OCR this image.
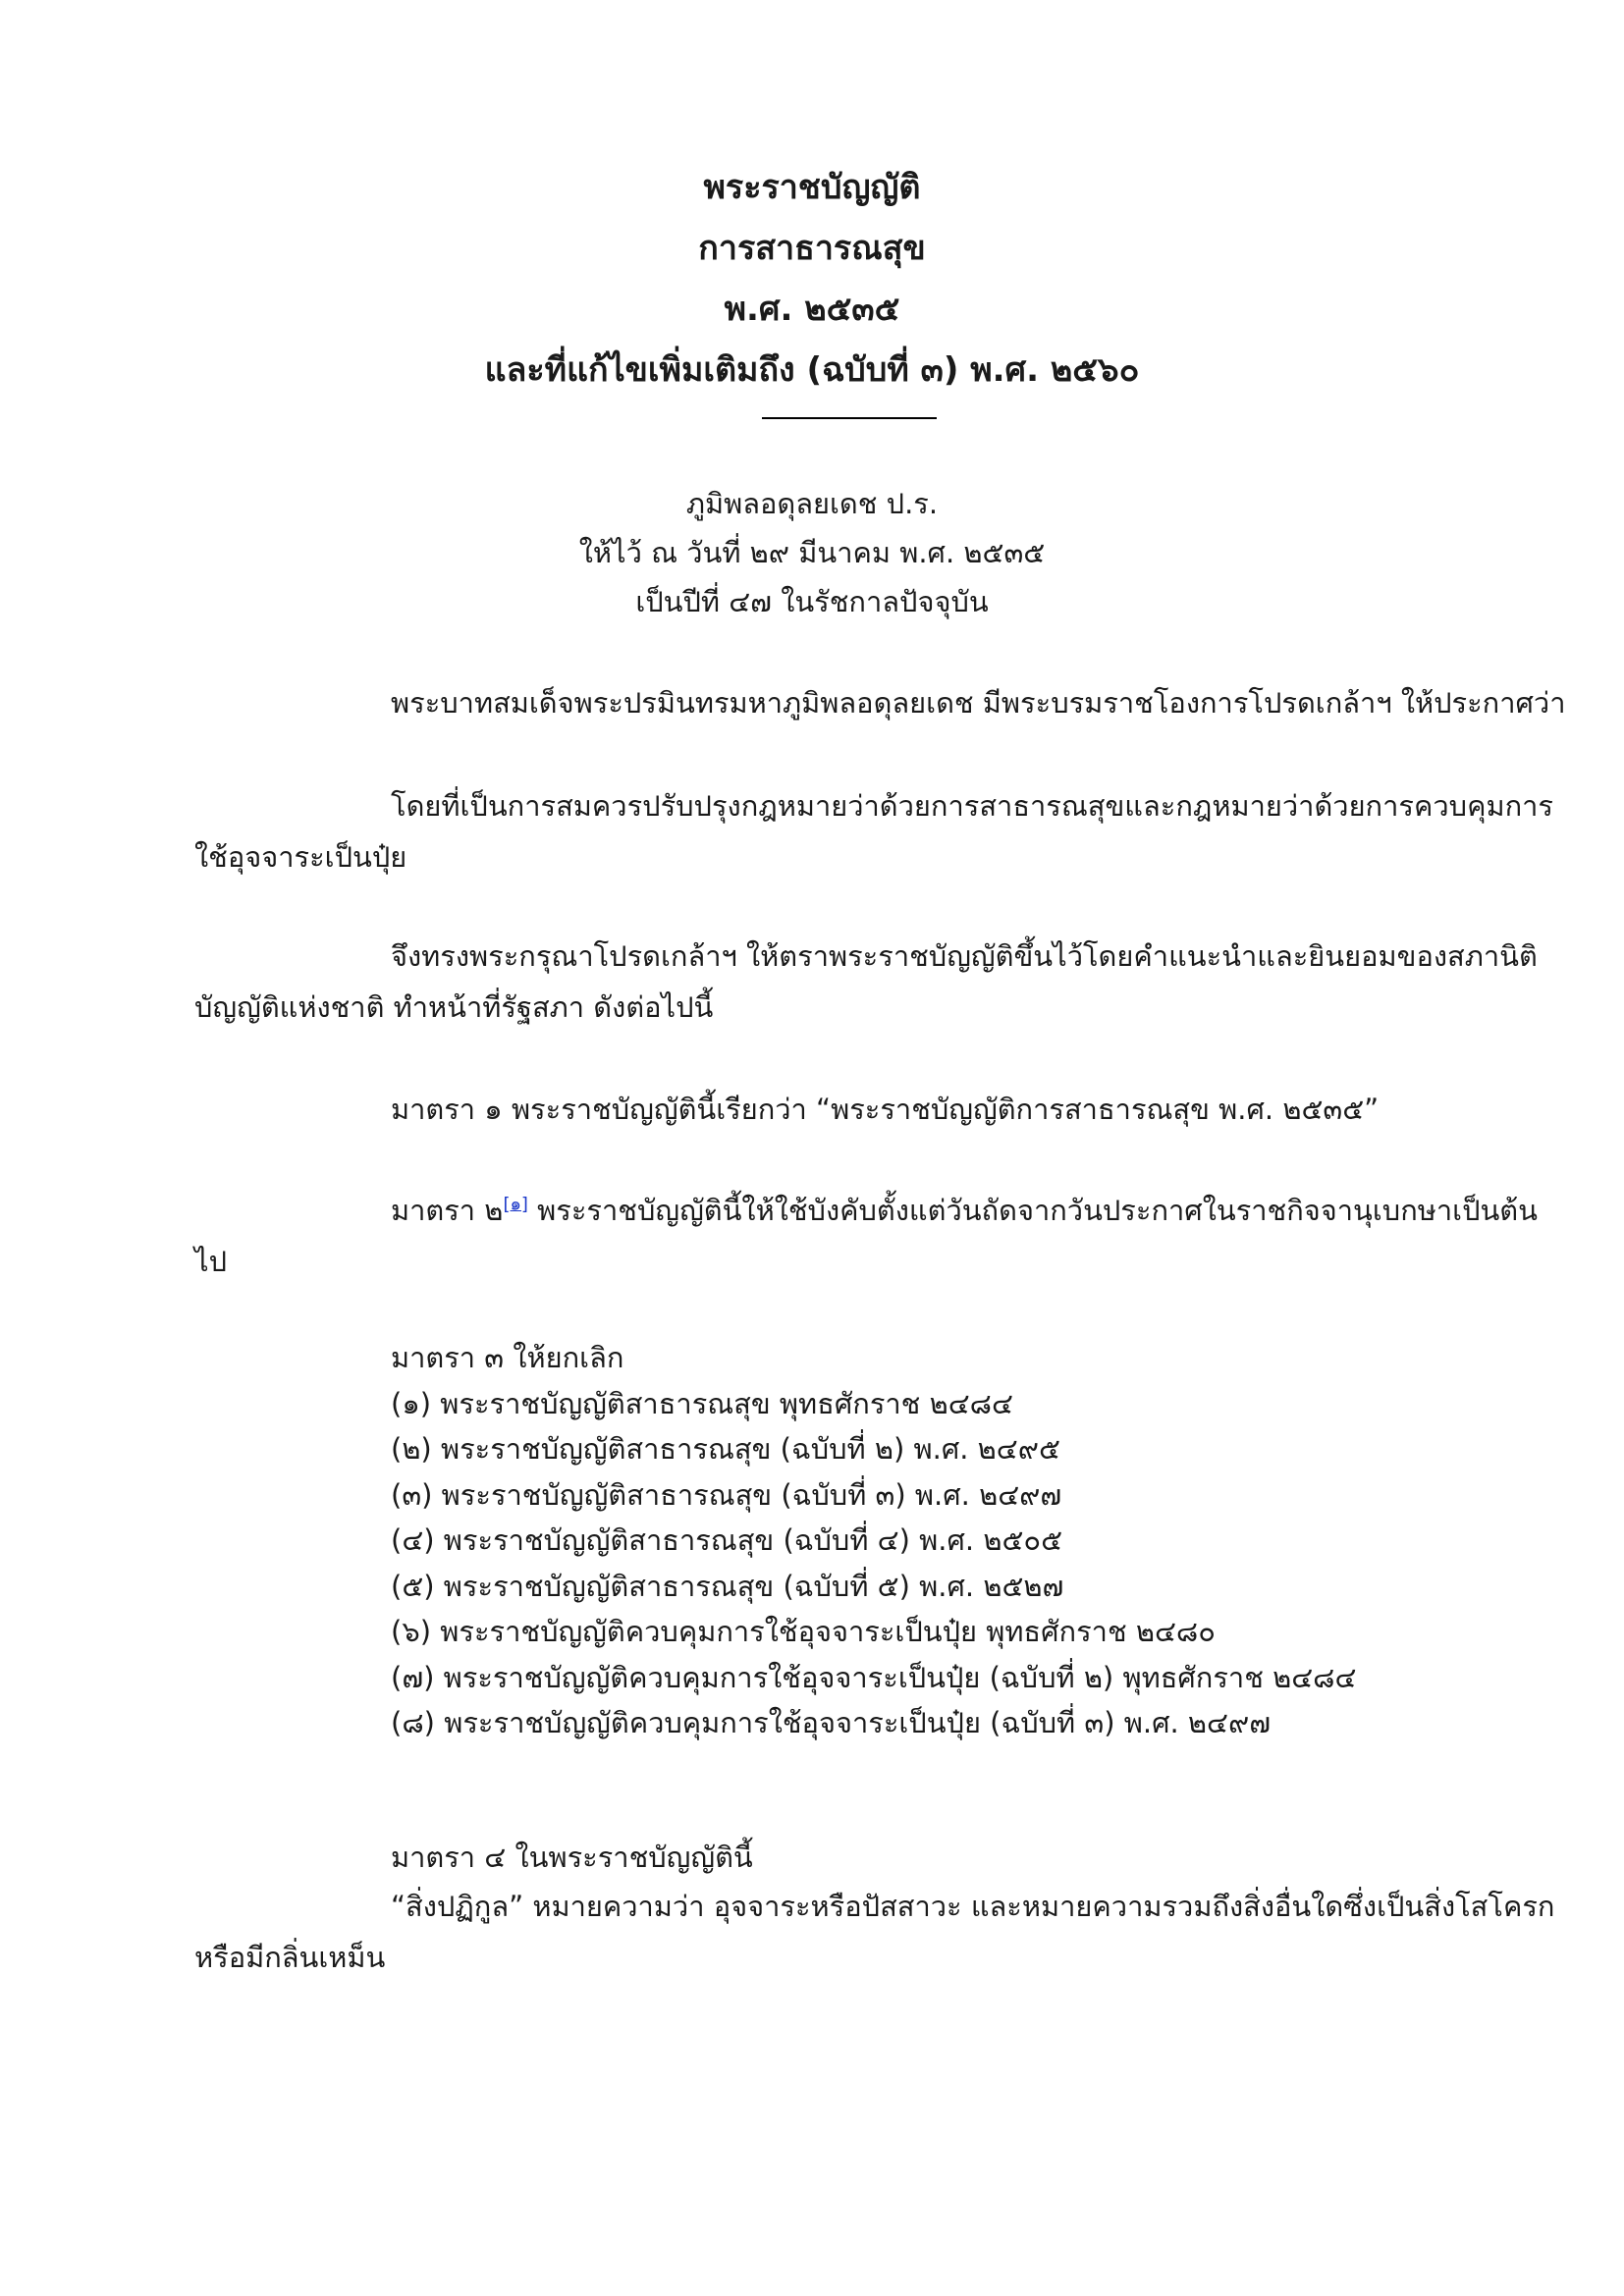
พระราชบัญญัติ
การสาธารณสุข
พ.ศ. ๒๕๓๕
และที่แก้ไขเพิ่มเติมถึง (ฉบับที่ ๓) พ.ศ. ๒๕๖๐
ภูมิพลอดุลยเดช ป.ร.
ให้ไว้ ณ วันที่ ๒๙ มีนาคม พ.ศ. ๒๕๓๕
เป็นปีที่ ๔๗ ในรัชกาลปัจจุบัน
พระบาทสมเด็จพระปรมินทรมหาภูมิพลอดุลยเดช มีพระบรมราชโองการโปรดเกล้าฯ ให้ประกาศว่า
โดยที่เป็นการสมควรปรับปรุงกฎหมายว่าด้วยการสาธารณสุขและกฎหมายว่าด้วยการควบคุมการ
ใช้อุจจาระเป็นปุ๋ย
จึงทรงพระกรุณาโปรดเกล้าฯ ให้ตราพระราชบัญญัติขึ้นไว้โดยคำแนะนำและยินยอมของสภานิติ
บัญญัติแห่งชาติ ทำหน้าที่รัฐสภา ดังต่อไปนี้
มาตรา ๑ พระราชบัญญัตินี้เรียกว่า “พระราชบัญญัติการสาธารณสุข พ.ศ. ๒๕๓๕”
มาตรา ๒[๑] พระราชบัญญัตินี้ให้ใช้บังคับตั้งแต่วันถัดจากวันประกาศในราชกิจจานุเบกษาเป็นต้น
ไป
มาตรา ๓ ให้ยกเลิก
(๑) พระราชบัญญัติสาธารณสุข พุทธศักราช ๒๔๘๔
(๒) พระราชบัญญัติสาธารณสุข (ฉบับที่ ๒) พ.ศ. ๒๔๙๕
(๓) พระราชบัญญัติสาธารณสุข (ฉบับที่ ๓) พ.ศ. ๒๔๙๗
(๔) พระราชบัญญัติสาธารณสุข (ฉบับที่ ๔) พ.ศ. ๒๕๐๕
(๕) พระราชบัญญัติสาธารณสุข (ฉบับที่ ๕) พ.ศ. ๒๕๒๗
(๖) พระราชบัญญัติควบคุมการใช้อุจจาระเป็นปุ๋ย พุทธศักราช ๒๔๘๐
(๗) พระราชบัญญัติควบคุมการใช้อุจจาระเป็นปุ๋ย (ฉบับที่ ๒) พุทธศักราช ๒๔๘๔
(๘) พระราชบัญญัติควบคุมการใช้อุจจาระเป็นปุ๋ย (ฉบับที่ ๓) พ.ศ. ๒๔๙๗
มาตรา ๔ ในพระราชบัญญัตินี้
“สิ่งปฏิกูล” หมายความว่า อุจจาระหรือปัสสาวะ และหมายความรวมถึงสิ่งอื่นใดซึ่งเป็นสิ่งโสโครก
หรือมีกลิ่นเหม็น
